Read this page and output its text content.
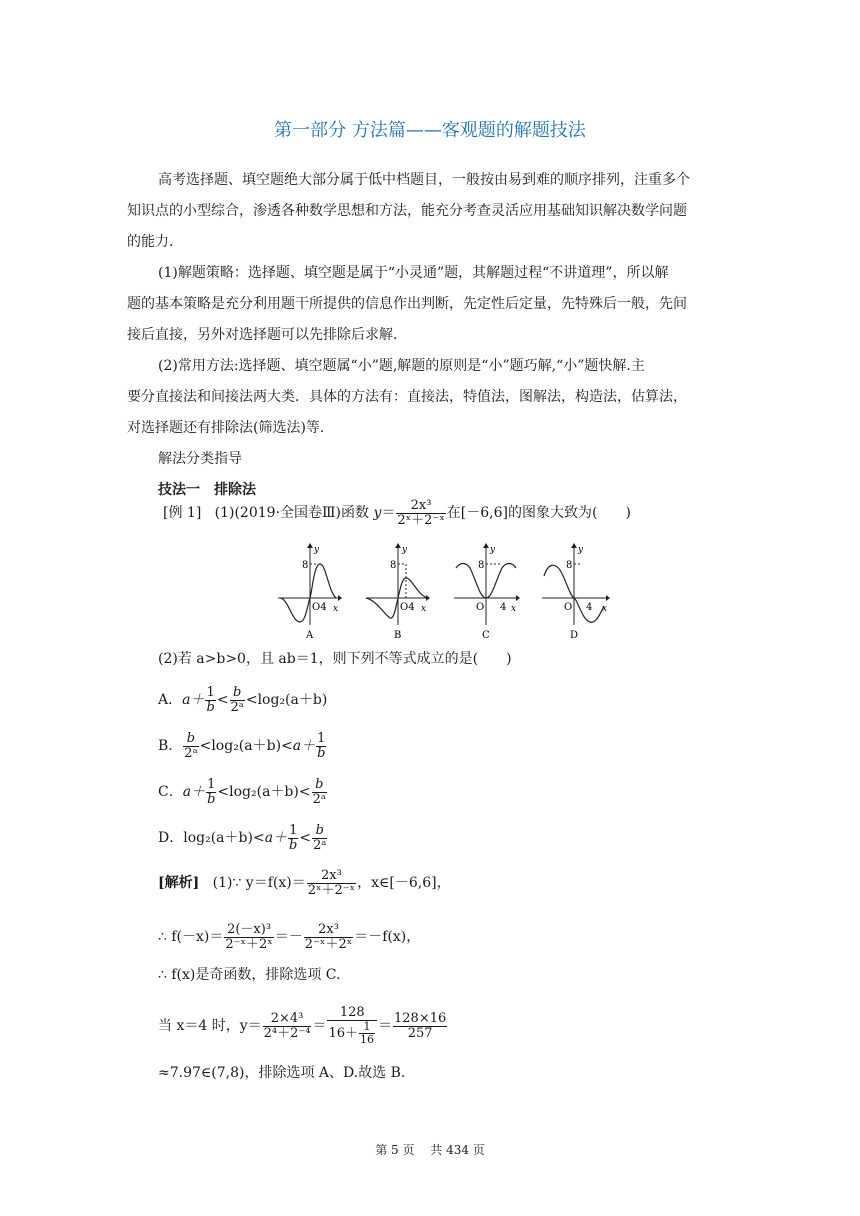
第一部分 方法篇——客观题的解题技法
高考选择题、填空题绝大部分属于低中档题目，一般按由易到难的顺序排列，注重多个
知识点的小型综合，渗透各种数学思想和方法，能充分考查灵活应用基础知识解决数学问题
的能力.
(1)解题策略：选择题、填空题是属于“小灵通”题，其解题过程“不讲道理”，所以解
题的基本策略是充分利用题干所提供的信息作出判断，先定性后定量，先特殊后一般，先间
接后直接，另外对选择题可以先排除后求解.
(2)常用方法:选择题、填空题属“小”题,解题的原则是“小”题巧解,“小”题快解.主
要分直接法和间接法两大类．具体的方法有：直接法，特值法，图解法，构造法，估算法，
对选择题还有排除法(筛选法)等.
解法分类指导
技法一　排除法
[例 1] (1)(2019·全国卷Ⅲ)函数 $y= \frac{\text{2x³}}{\text{2ˣ＋2⁻ˣ}}$ 在[－6,6]的图象大致为(　　)
8
O4 x
y
A
8
O4 x
y
B
8
O 4 x
y
C
8
O 4 x
y
D
(2)若 a>b>0，且 ab＝1，则下列不等式成立的是(　　)
A．$a+ \frac{1}{b} < \frac{b}{\text{2ᵃ}} <\log_2(a+b)$
B． $\frac{b}{\text{2ᵃ}} <\log_2(a+b)<a+ \frac{1}{b}$
C．$a+ \frac{1}{b} <\log_2(a+b)< \frac{b}{\text{2ᵃ}}$
D．$\log_2(a+b)<a+ \frac{1}{b} < \frac{b}{\text{2ᵃ}}$
[解析] (1)∵ $y=f(x)= \frac{\text{2x³}}{\text{2ˣ＋2⁻ˣ}}$ ，x∈[－6,6]，
∴ $f(-x)= \frac{\text{2(－x)³}}{\text{2⁻ˣ＋2ˣ}} =- \frac{\text{2x³}}{\text{2⁻ˣ＋2ˣ}} =-f(x)$，
∴ f(x)是奇函数，排除选项 C.
当 x＝4 时，$y= \frac{\text{2×4³}}{\text{2⁴＋2⁻⁴}} = \frac{128}{16+ \frac{1}{16}} = \frac{128\times 16}{257}$
≈7.97∈(7,8)，排除选项 A、D.故选 B.
第 5 页　 共 434 页
